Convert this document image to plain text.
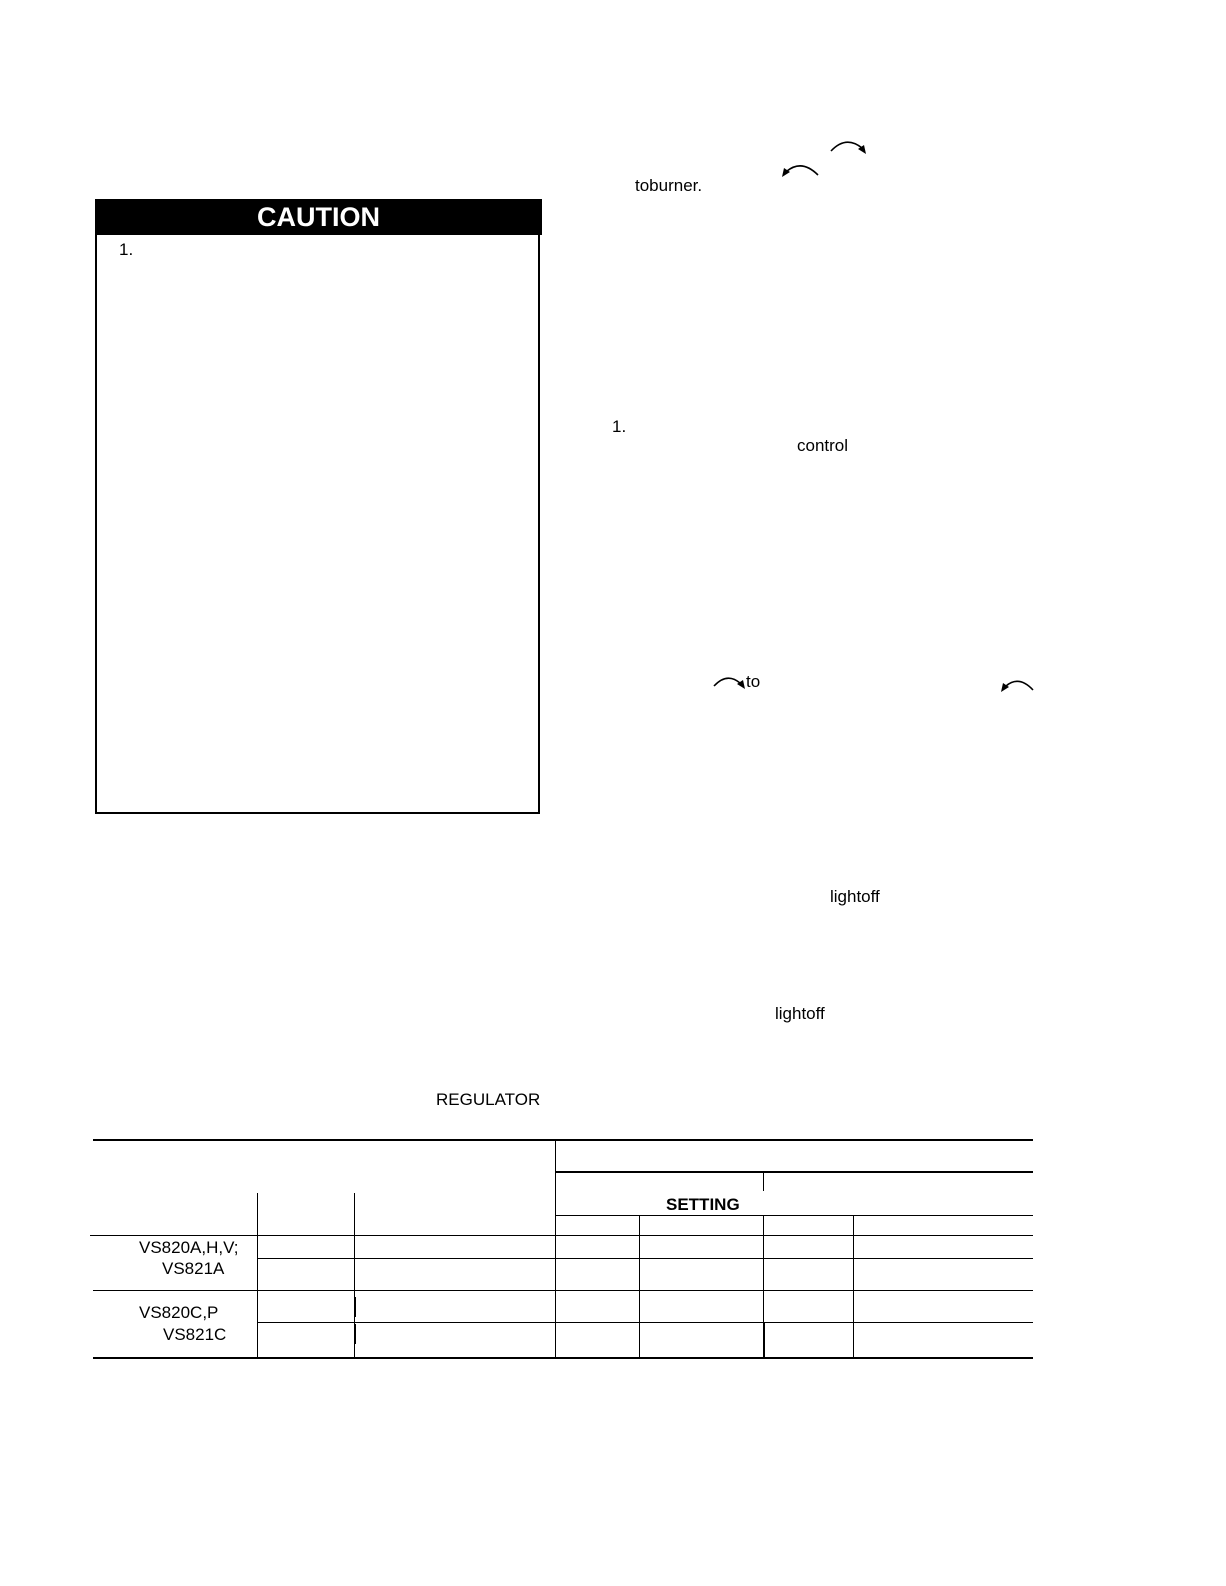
CAUTION
1.
toburner.
1.
control
to
lightoff
lightoff
REGULATOR
SETTING
VS820A,H,V;
VS821A
VS820C,P
VS821C
